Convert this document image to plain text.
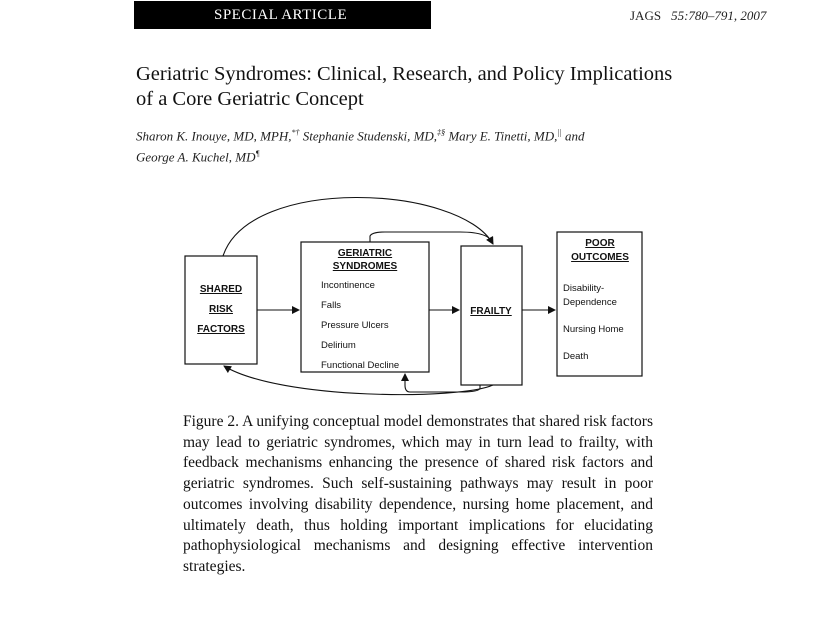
SPECIAL ARTICLE	JAGS 55:780–791, 2007
Geriatric Syndromes: Clinical, Research, and Policy Implications
of a Core Geriatric Concept
Sharon K. Inouye, MD, MPH,*† Stephanie Studenski, MD,‡§ Mary E. Tinetti, MD,|| and
George A. Kuchel, MD¶
SHARED
RISK
FACTORS
GERIATRIC
SYNDROMES
Incontinence
Falls
Pressure Ulcers
Delirium
Functional Decline
FRAILTY
POOR
OUTCOMES
Disability-
Dependence
Nursing Home
Death
Figure 2. A unifying conceptual model demonstrates that shared risk factors may lead to geriatric syndromes, which may in turn lead to frailty, with feedback mechanisms enhancing the presence of shared risk factors and geriatric syndromes. Such self-sustaining pathways may result in poor outcomes involving disability dependence, nursing home placement, and ultimately death, thus holding important implications for elucidating pathophysiological mechanisms and designing effective intervention strategies.
